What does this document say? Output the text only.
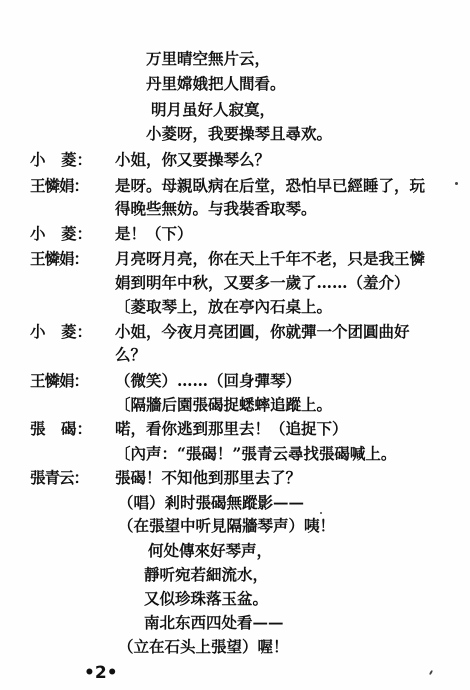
万里晴空無片云，
丹里嫦娥把人間看。
明月虽好人寂寞，
小菱呀，我要操琴且尋欢。
小　菱： 小姐，你又要操琴么？
王憐娟： 是呀。母親臥病在后堂，恐怕早已經睡了，玩
得晚些無妨。与我裝香取琴。
小　菱： 是！（下）
王憐娟： 月亮呀月亮，你在天上千年不老，只是我王憐
娟到明年中秋，又要多一歲了……（羞介）
〔菱取琴上，放在亭內石桌上。
小　菱： 小姐，今夜月亮团圓，你就彈一个团圓曲好
么？
王憐娟： （微笑）……（回身彈琴）
〔隔牆后園張碣捉蟋蟀追蹤上。
張　碣： 喏，看你逃到那里去！（追捉下）
〔內声：“張碣！”張青云尋找張碣喊上。
張青云： 張碣！不知他到那里去了？
（唱）剎时張碣無蹤影——
（在張望中听見隔牆琴声）咦！
何处傳來好琴声，
靜听宛若細流水，
又似珍珠落玉盆。
南北东西四处看——
（立在石头上張望）喔！
•2•
